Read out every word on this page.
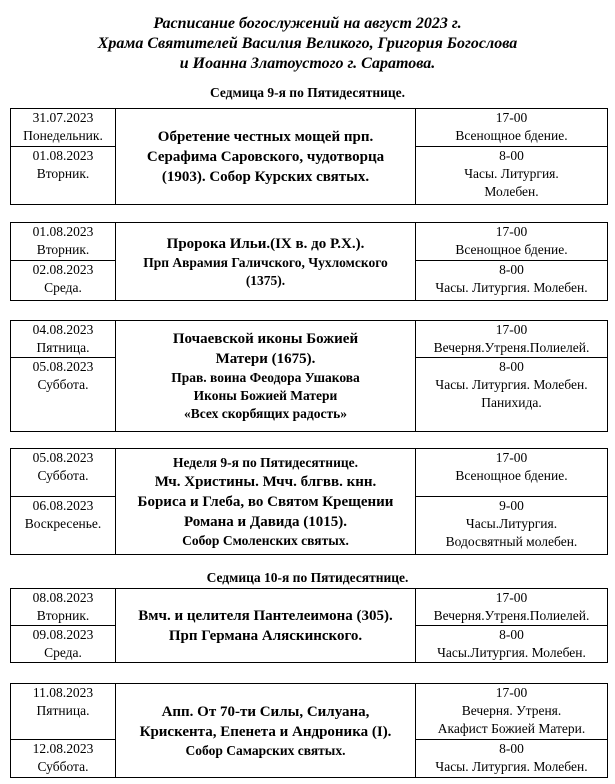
Расписание богослужений на август 2023 г.
Храма Святителей Василия Великого, Григория Богослова
и Иоанна Златоустого г. Саратова.
Седмица 9-я по Пятидесятнице.
31.07.2023
Понедельник.	Обретение честных мощей прп.
Серафима Саровского, чудотворца
(1903). Собор Курских святых.	17-00
Всенощное бдение.

01.08.2023
Вторник.		8-00
Часы. Литургия.
Молебен.
01.08.2023
Вторник.	Пророка Ильи.(IX в. до Р.Х.).
Прп Аврамия Галичского, Чухломского
(1375).	17-00
Всенощное бдение.

02.08.2023
Среда.		8-00
Часы. Литургия. Молебен.
04.08.2023
Пятница.	Почаевской иконы Божией
Матери (1675).
Прав. воина Феодора Ушакова
Иконы Божией Матери
«Всех скорбящих радость»	17-00
Вечерня.Утреня.Полиелей.

05.08.2023
Суббота.		8-00
Часы. Литургия. Молебен.
Панихида.
05.08.2023
Суббота.	Неделя 9-я по Пятидесятнице.
Мч. Христины. Мчч. блгвв. кнн.
Бориса и Глеба, во Святом Крещении
Романа и Давида (1015).
Собор Смоленских святых.	17-00
Всенощное бдение.

06.08.2023
Воскресенье.		9-00
Часы.Литургия.
Водосвятный молебен.
Седмица 10-я по Пятидесятнице.
08.08.2023
Вторник.	Вмч. и целителя Пантелеимона (305).
Прп Германа Аляскинского.	17-00
Вечерня.Утреня.Полиелей.

09.08.2023
Среда.		8-00
Часы.Литургия. Молебен.
11.08.2023
Пятница.	Апп. От 70-ти Силы, Силуана,
Крискента, Епенета и Андроника (I).
Собор Самарских святых.	17-00
Вечерня. Утреня.
Акафист Божией Матери.

12.08.2023
Суббота.		8-00
Часы. Литургия. Молебен.
